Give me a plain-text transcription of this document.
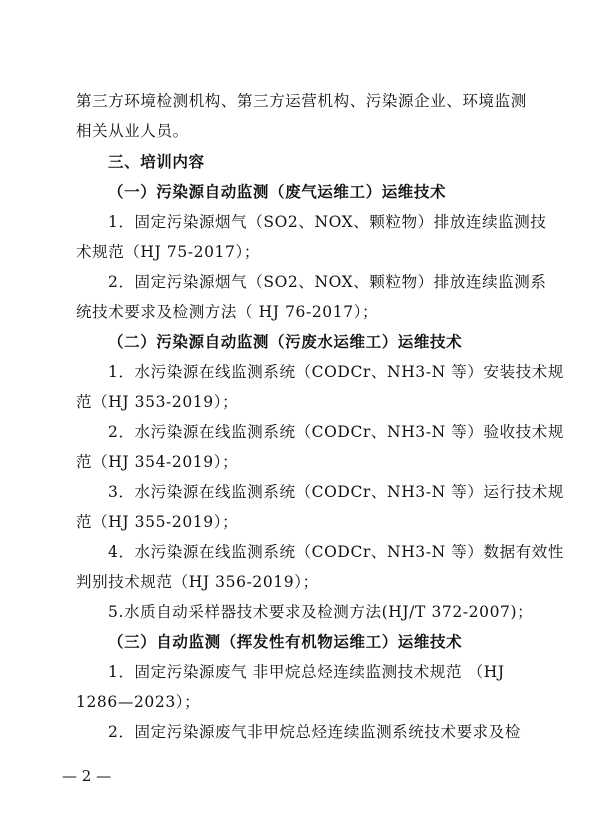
第三方环境检测机构、第三方运营机构、污染源企业、环境监测
相关从业人员。
三、培训内容
（一）污染源自动监测（废气运维工）运维技术
1．固定污染源烟气（SO2、NOX、颗粒物）排放连续监测技
术规范（HJ 75-2017）；
2．固定污染源烟气（SO2、NOX、颗粒物）排放连续监测系
统技术要求及检测方法（ HJ 76-2017）；
（二）污染源自动监测（污废水运维工）运维技术
1．水污染源在线监测系统（CODCr、NH3-N 等）安装技术规
范（HJ 353-2019）；
2．水污染源在线监测系统（CODCr、NH3-N 等）验收技术规
范（HJ 354-2019）；
3．水污染源在线监测系统（CODCr、NH3-N 等）运行技术规
范（HJ 355-2019）；
4．水污染源在线监测系统（CODCr、NH3-N 等）数据有效性
判别技术规范（HJ 356-2019）；
5.水质自动采样器技术要求及检测方法(HJ/T 372-2007)；
（三）自动监测（挥发性有机物运维工）运维技术
1．固定污染源废气 非甲烷总烃连续监测技术规范 （HJ
1286—2023）；
2．固定污染源废气非甲烷总烃连续监测系统技术要求及检
— 2 —
